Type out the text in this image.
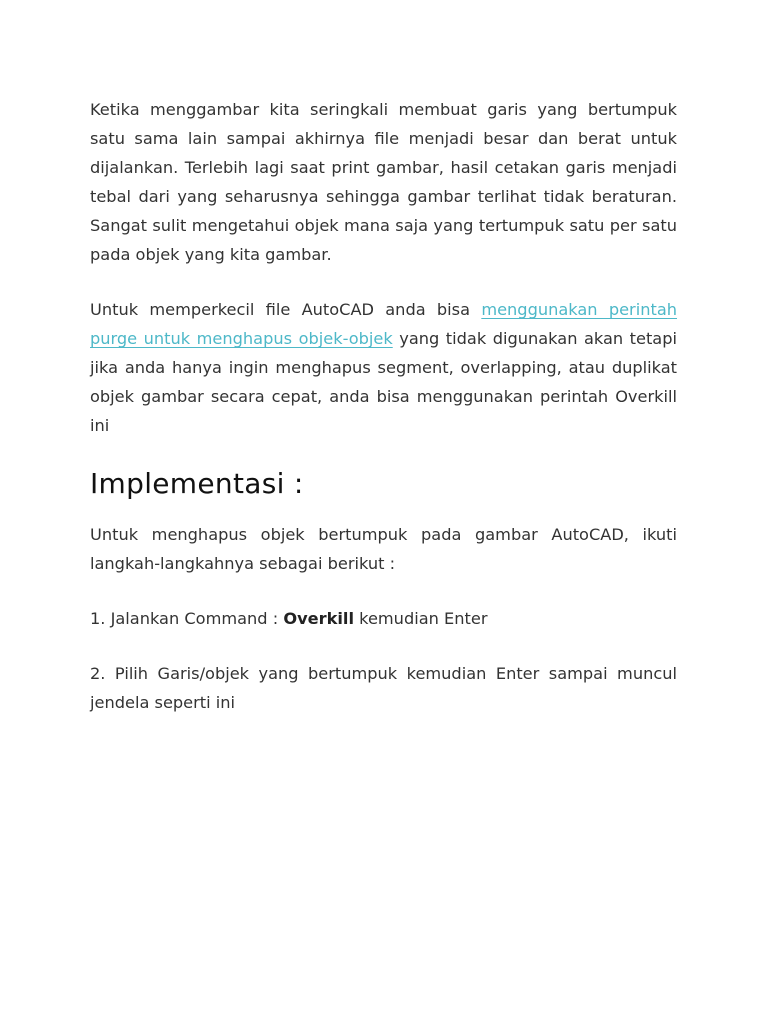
Ketika menggambar kita seringkali membuat garis yang bertumpuk satu sama lain sampai akhirnya file menjadi besar dan berat untuk dijalankan. Terlebih lagi saat print gambar, hasil cetakan garis menjadi tebal dari yang seharusnya sehingga gambar terlihat tidak beraturan. Sangat sulit mengetahui objek mana saja yang tertumpuk satu per satu pada objek yang kita gambar.

Untuk memperkecil file AutoCAD anda bisa menggunakan perintah purge untuk menghapus objek-objek yang tidak digunakan akan tetapi jika anda hanya ingin menghapus segment, overlapping, atau duplikat objek gambar secara cepat, anda bisa menggunakan perintah Overkill ini

Implementasi :

Untuk menghapus objek bertumpuk pada gambar AutoCAD, ikuti langkah-langkahnya sebagai berikut :

1. Jalankan Command : Overkill kemudian Enter

2. Pilih Garis/objek yang bertumpuk kemudian Enter sampai muncul jendela seperti ini
